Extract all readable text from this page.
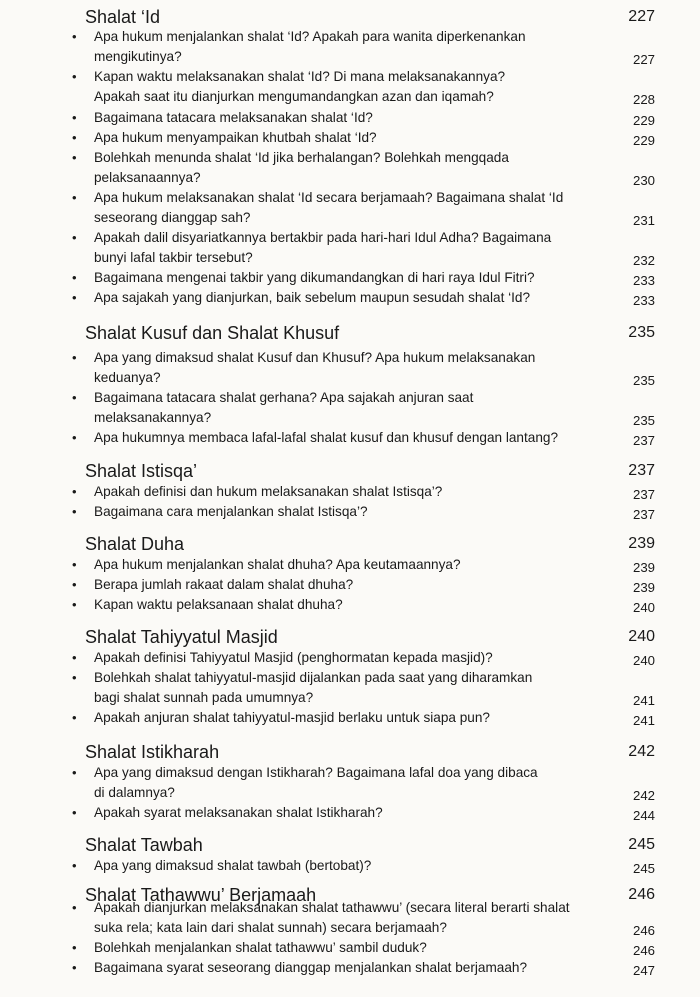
Shalat ‘Id	227
•	Apa hukum menjalankan shalat ‘Id? Apakah para wanita diperkenankan
mengikutinya?	227
•	Kapan waktu melaksanakan shalat ‘Id? Di mana melaksanakannya?
Apakah saat itu dianjurkan mengumandangkan azan dan iqamah?	228
•	Bagaimana tatacara melaksanakan shalat ‘Id?	229
•	Apa hukum menyampaikan khutbah shalat ‘Id?	229
•	Bolehkah menunda shalat ‘Id jika berhalangan? Bolehkah mengqada
pelaksanaannya?	230
•	Apa hukum melaksanakan shalat ‘Id secara berjamaah? Bagaimana shalat ‘Id
seseorang dianggap sah?	231
•	Apakah dalil disyariatkannya bertakbir pada hari-hari Idul Adha? Bagaimana
bunyi lafal takbir tersebut?	232
•	Bagaimana mengenai takbir yang dikumandangkan di hari raya Idul Fitri?	233
•	Apa sajakah yang dianjurkan, baik sebelum maupun sesudah shalat ‘Id?	233
Shalat Kusuf dan Shalat Khusuf	235
•	Apa yang dimaksud shalat Kusuf dan Khusuf? Apa hukum melaksanakan
keduanya?	235
•	Bagaimana tatacara shalat gerhana? Apa sajakah anjuran saat
melaksanakannya?	235
•	Apa hukumnya membaca lafal-lafal shalat kusuf dan khusuf dengan lantang?	237
Shalat Istisqa’	237
•	Apakah definisi dan hukum melaksanakan shalat Istisqa’?	237
•	Bagaimana cara menjalankan shalat Istisqa’?	237
Shalat Duha	239
•	Apa hukum menjalankan shalat dhuha? Apa keutamaannya?	239
•	Berapa jumlah rakaat dalam shalat dhuha?	239
•	Kapan waktu pelaksanaan shalat dhuha?	240
Shalat Tahiyyatul Masjid	240
•	Apakah definisi Tahiyyatul Masjid (penghormatan kepada masjid)?	240
•	Bolehkah shalat tahiyyatul-masjid dijalankan pada saat yang diharamkan
bagi shalat sunnah pada umumnya?	241
•	Apakah anjuran shalat tahiyyatul-masjid berlaku untuk siapa pun?	241
Shalat Istikharah	242
•	Apa yang dimaksud dengan Istikharah? Bagaimana lafal doa yang dibaca
di dalamnya?	242
•	Apakah syarat melaksanakan shalat Istikharah?	244
Shalat Tawbah	245
•	Apa yang dimaksud shalat tawbah (bertobat)?	245
Shalat Tathawwu’ Berjamaah	246
•	Apakah dianjurkan melaksanakan shalat tathawwu’ (secara literal berarti shalat
suka rela; kata lain dari shalat sunnah) secara berjamaah?	246
•	Bolehkah menjalankan shalat tathawwu’ sambil duduk?	246
•	Bagaimana syarat seseorang dianggap menjalankan shalat berjamaah?	247
